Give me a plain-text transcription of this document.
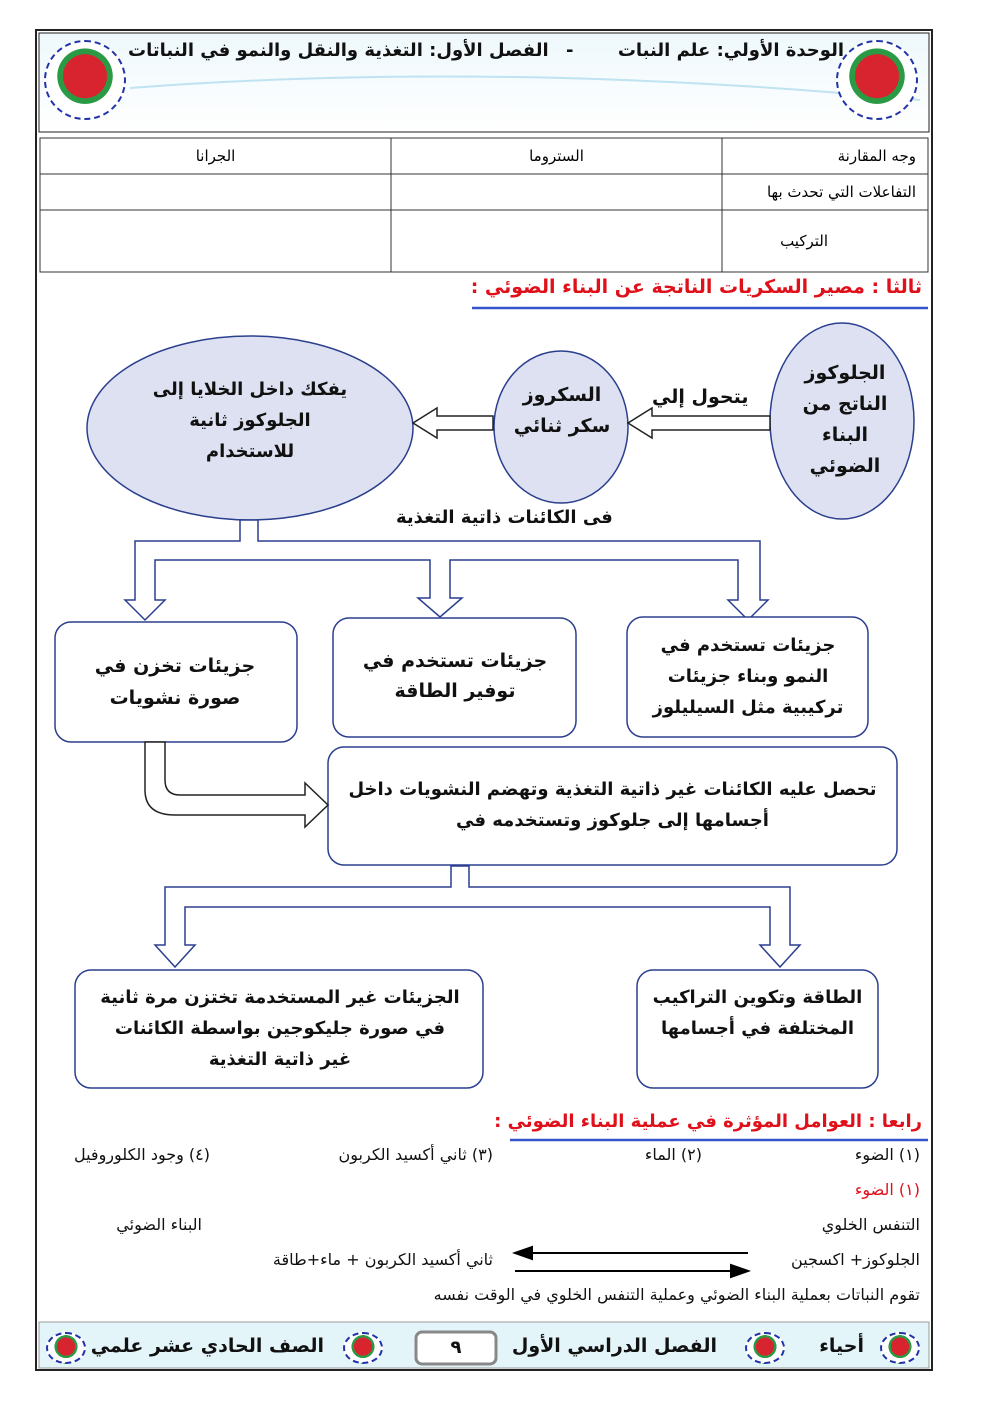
الوحدة الأولي: علم النبات
-
الفصل الأول: التغذية والنقل والنمو في النباتات
وجه المقارنة
الستروما
الجرانا
التفاعلات التي تحدث بها
التركيب
ثالثا : مصير السكريات الناتجة عن البناء الضوئي :
الجلوكوز الناتج من البناء الضوئي
يتحول إلي
السكروز سكر ثنائي
يفكك داخل الخلايا إلى الجلوكوز ثانية للاستخدام
فى الكائنات ذاتية التغذية
جزيئات تخزن في صورة نشويات
جزيئات تستخدم في توفير الطاقة
جزيئات تستخدم في النمو وبناء جزيئات تركيبية مثل السيليلوز
تحصل عليه الكائنات غير ذاتية التغذية وتهضم النشويات داخل أجسامها إلى جلوكوز وتستخدمه في
الجزيئات غير المستخدمة تختزن مرة ثانية في صورة جليكوجين بواسطة الكائنات غير ذاتية التغذية
الطاقة وتكوين التراكيب المختلفة في أجسامها
رابعا : العوامل المؤثرة في عملية البناء الضوئي :
(١) الضوء
(٢) الماء
(٣) ثاني أكسيد الكربون
(٤) وجود الكلوروفيل
(١) الضوء
التنفس الخلوي
البناء الضوئي
الجلوكوز+ اكسجين
ثاني أكسيد الكربون + ماء+طاقة
تقوم النباتات بعملية البناء الضوئي وعملية التنفس الخلوي في الوقت نفسه
أحياء
الفصل الدراسي الأول
٩
الصف الحادي عشر علمي
